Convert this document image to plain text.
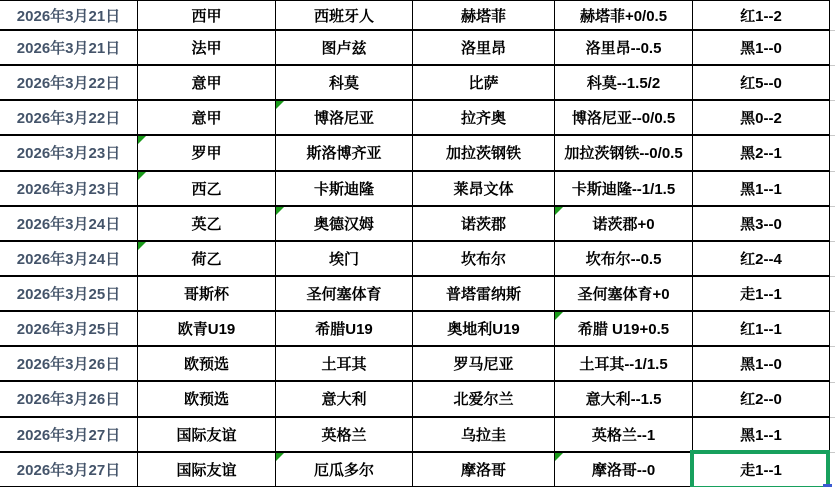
2026年3月21日	西甲	西班牙人	赫塔菲	赫塔菲+0/0.5	红1--2
2026年3月21日	法甲	图卢兹	洛里昂	洛里昂--0.5	黑1--0
2026年3月22日	意甲	科莫	比萨	科莫--1.5/2	红5--0
2026年3月22日	意甲	博洛尼亚	拉齐奥	博洛尼亚--0/0.5	黑0--2
2026年3月23日	罗甲	斯洛博齐亚	加拉茨钢铁	加拉茨钢铁--0/0.5	黑2--1
2026年3月23日	西乙	卡斯迪隆	莱昂文体	卡斯迪隆--1/1.5	黑1--1
2026年3月24日	英乙	奥德汉姆	诺茨郡	诺茨郡+0	黑3--0
2026年3月24日	荷乙	埃门	坎布尔	坎布尔--0.5	红2--4
2026年3月25日	哥斯杯	圣何塞体育	普塔雷纳斯	圣何塞体育+0	走1--1
2026年3月25日	欧青U19	希腊U19	奥地利U19	希腊 U19+0.5	红1--1
2026年3月26日	欧预选	土耳其	罗马尼亚	土耳其--1/1.5	黑1--0
2026年3月26日	欧预选	意大利	北爱尔兰	意大利--1.5	红2--0
2026年3月27日	国际友谊	英格兰	乌拉圭	英格兰--1	黑1--1
2026年3月27日	国际友谊	厄瓜多尔	摩洛哥	摩洛哥--0	走1--1
